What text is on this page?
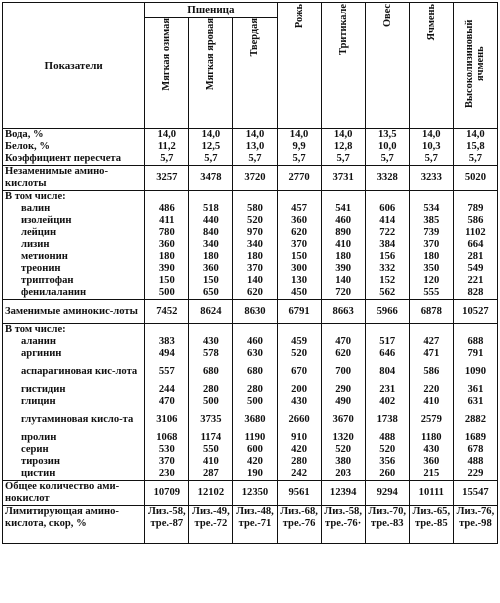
Показатели	Пшеница			Рожь	Тритикале	Овес	Ячмень	Высоколизиновый ячмень

	Мягкая озимая	Мягкая яровая	Твердая					

Вода, %	14,0	14,0	14,0	14,0	14,0	13,5	14,0	14,0
Белок, %	11,2	12,5	13,0	9,9	12,8	10,0	10,3	15,8
Коэффициент пересчета	5,7	5,7	5,7	5,7	5,7	5,7	5,7	5,7
Незаменимые амино-кислоты	3257	3478	3720	2770	3731	3328	3233	5020
В том числе:								
валин	486	518	580	457	541	606	534	789
изолейцин	411	440	520	360	460	414	385	586
лейцин	780	840	970	620	890	722	739	1102
лизин	360	340	340	370	410	384	370	664
метионин	180	180	180	150	180	156	180	281
треонин	390	360	370	300	390	332	350	549
триптофан	150	150	140	130	140	152	120	221
фенилаланин	500	650	620	450	720	562	555	828
Заменимые аминокис-лоты	7452	8624	8630	6791	8663	5966	6878	10527
В том числе:								
аланин	383	430	460	459	470	517	427	688
аргинин	494	578	630	520	620	646	471	791
аспарагиновая кис-лота	557	680	680	670	700	804	586	1090
гистидин	244	280	280	200	290	231	220	361
глицин	470	500	500	430	490	402	410	631
глутаминовая кисло-та	3106	3735	3680	2660	3670	1738	2579	2882
пролин	1068	1174	1190	910	1320	488	1180	1689
серин	530	550	600	420	520	520	430	678
тирозин	370	410	420	280	380	356	360	488
цистин	230	287	190	242	203	260	215	229
Общее количество ами-нокислот	10709	12102	12350	9561	12394	9294	10111	15547
Лимитирующая амино-кислота, скор, %	Лиз.-58, тре.-87	Лиз.-49, тре.-72	Лиз.-48, тре.-71	Лиз.-68, тре.-76	Лиз.-58, тре.-76·	Лиз.-70, тре.-83	Лиз.-65, тре.-85	Лиз.-76, тре.-98
